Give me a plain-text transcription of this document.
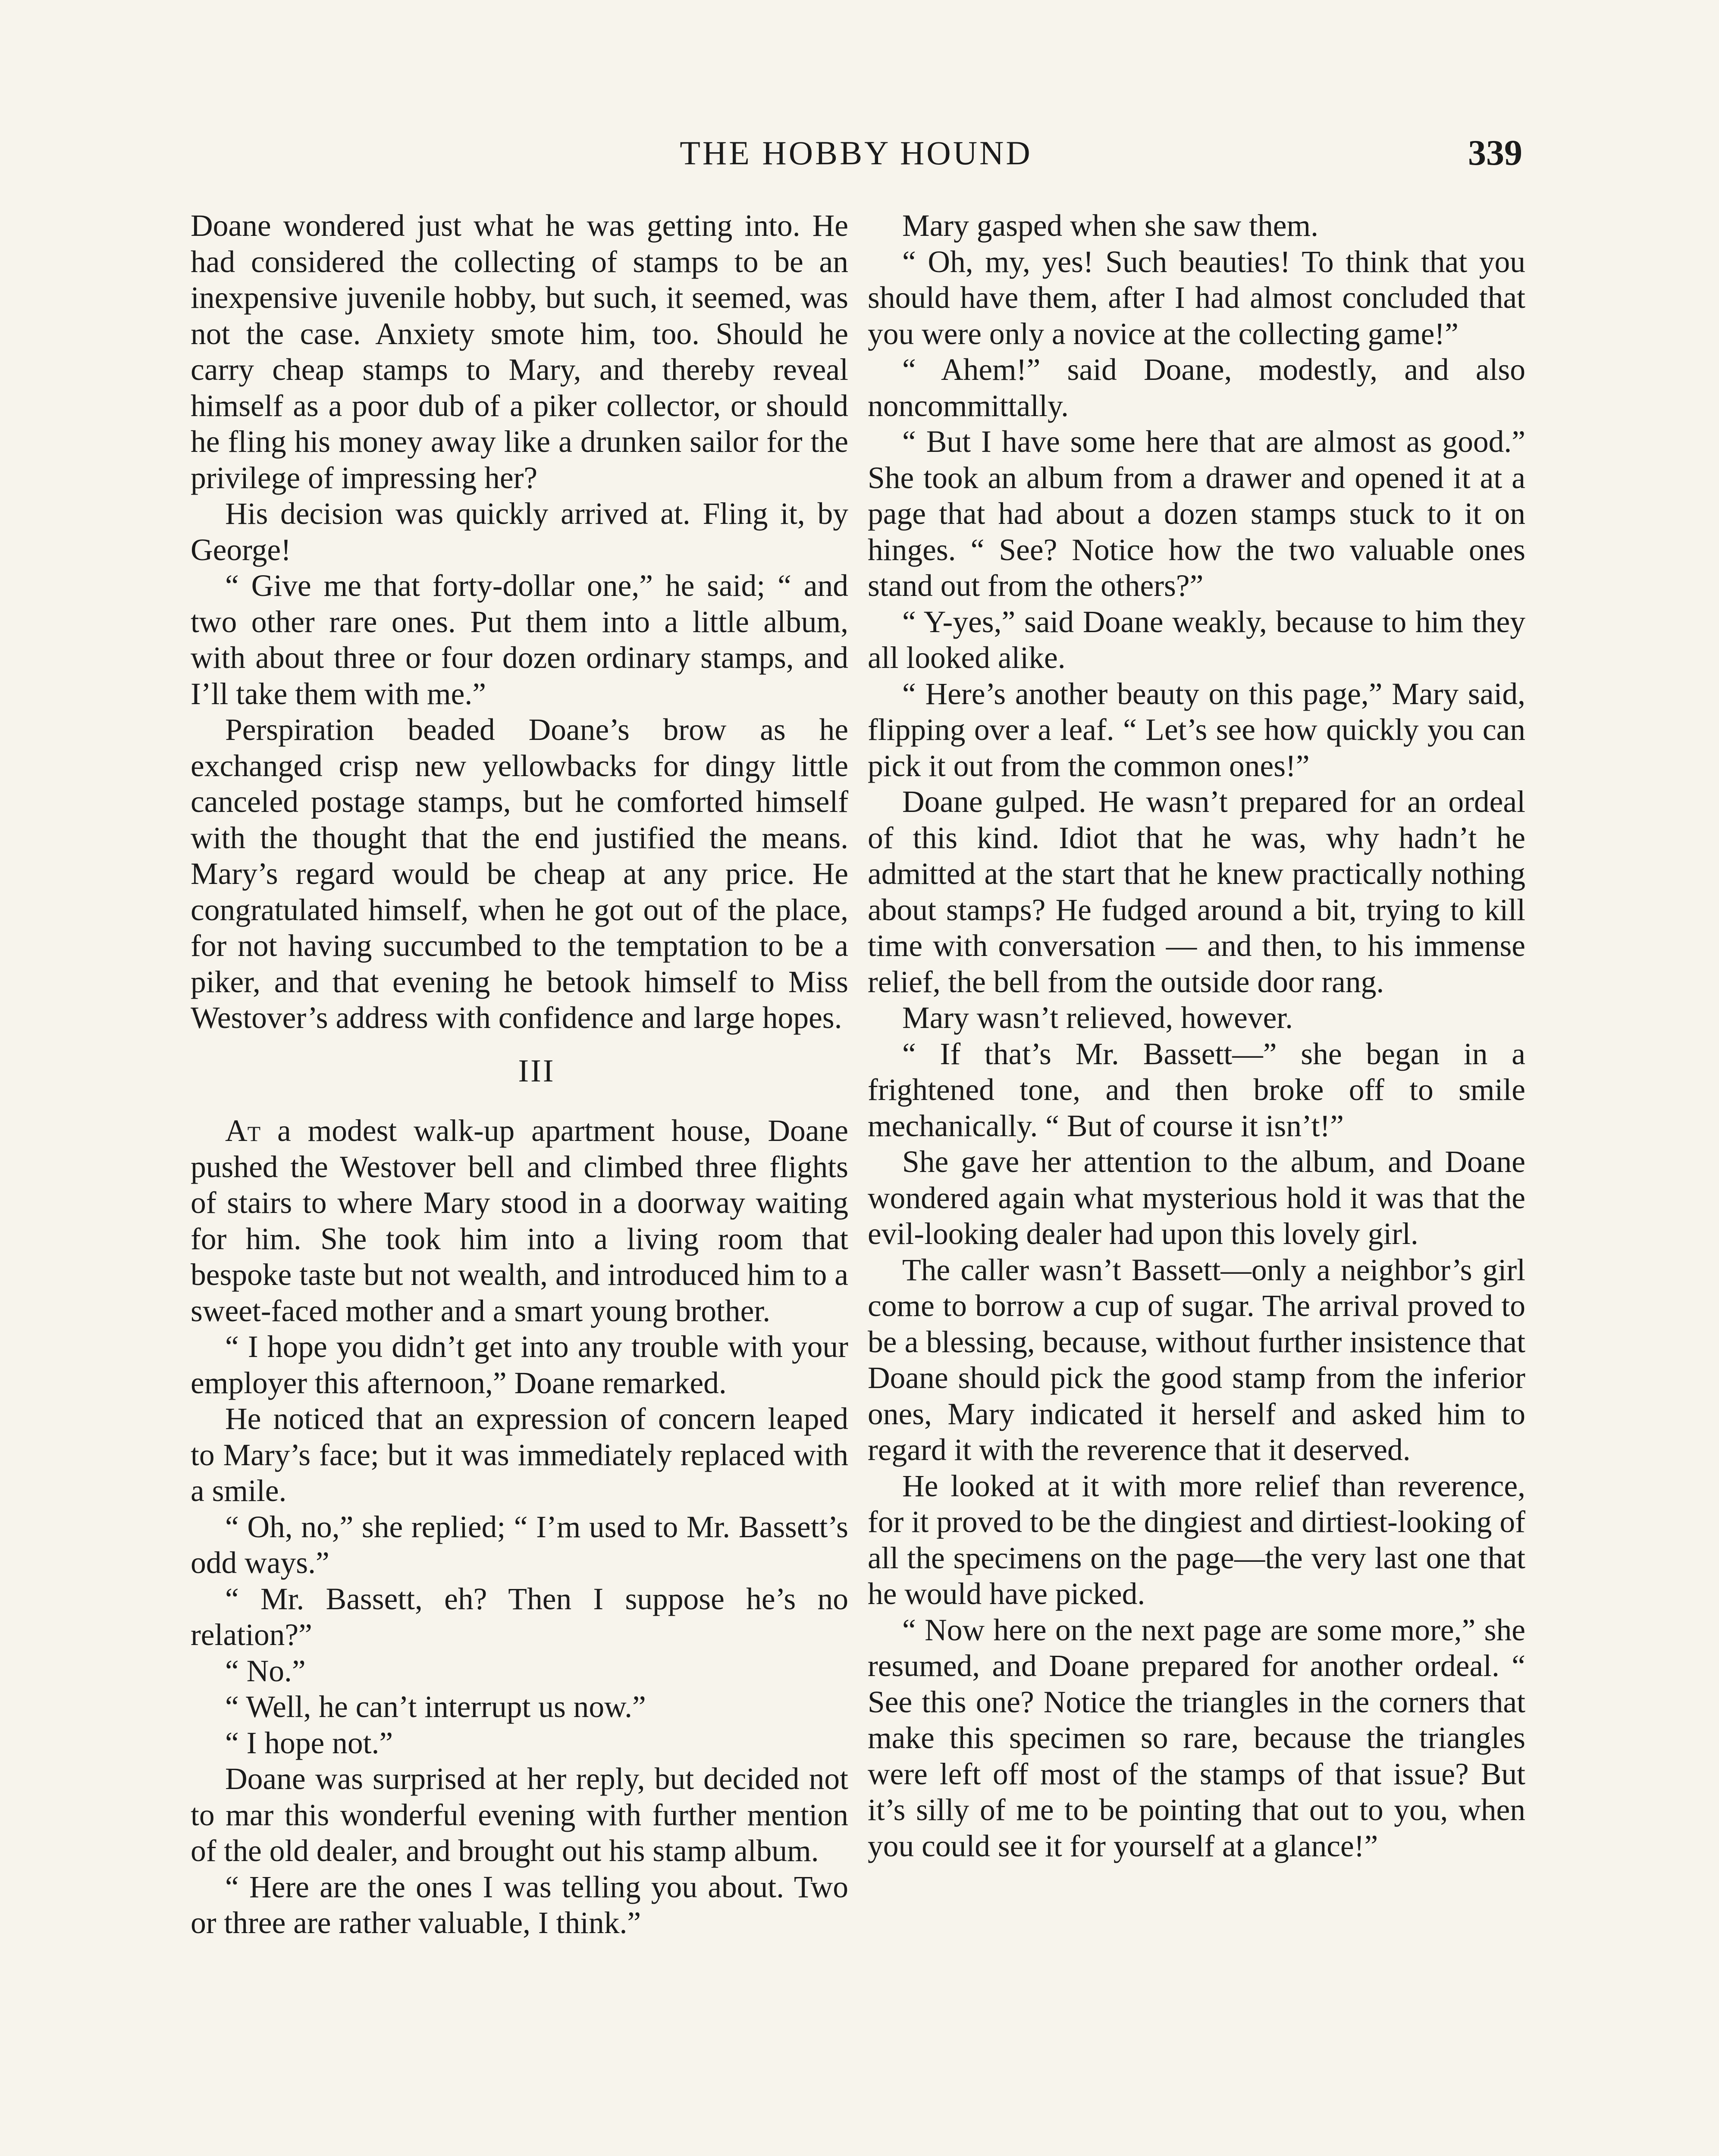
THE HOBBY HOUND	339

Doane wondered just what he was getting into. He had considered the collecting of stamps to be an inexpensive juvenile hobby, but such, it seemed, was not the case. Anxiety smote him, too. Should he carry cheap stamps to Mary, and thereby reveal himself as a poor dub of a piker collector, or should he fling his money away like a drunken sailor for the privilege of impressing her?

His decision was quickly arrived at. Fling it, by George!

“ Give me that forty-dollar one,” he said; “ and two other rare ones. Put them into a little album, with about three or four dozen ordinary stamps, and I’ll take them with me.”

Perspiration beaded Doane’s brow as he exchanged crisp new yellowbacks for dingy little canceled postage stamps, but he comforted himself with the thought that the end justified the means. Mary’s regard would be cheap at any price. He congratulated himself, when he got out of the place, for not having succumbed to the temptation to be a piker, and that evening he betook himself to Miss Westover’s address with confidence and large hopes.

III

At a modest walk-up apartment house, Doane pushed the Westover bell and climbed three flights of stairs to where Mary stood in a doorway waiting for him. She took him into a living room that bespoke taste but not wealth, and introduced him to a sweet-faced mother and a smart young brother.

“ I hope you didn’t get into any trouble with your employer this afternoon,” Doane remarked.

He noticed that an expression of concern leaped to Mary’s face; but it was immediately replaced with a smile.

“ Oh, no,” she replied; “ I’m used to Mr. Bassett’s odd ways.”

“ Mr. Bassett, eh? Then I suppose he’s no relation?”

“ No.”

“ Well, he can’t interrupt us now.”

“ I hope not.”

Doane was surprised at her reply, but decided not to mar this wonderful evening with further mention of the old dealer, and brought out his stamp album.

“ Here are the ones I was telling you about. Two or three are rather valuable, I think.”

Mary gasped when she saw them.

“ Oh, my, yes! Such beauties! To think that you should have them, after I had almost concluded that you were only a novice at the collecting game!”

“ Ahem!” said Doane, modestly, and also noncommittally.

“ But I have some here that are almost as good.” She took an album from a drawer and opened it at a page that had about a dozen stamps stuck to it on hinges. “ See? Notice how the two valuable ones stand out from the others?”

“ Y-yes,” said Doane weakly, because to him they all looked alike.

“ Here’s another beauty on this page,” Mary said, flipping over a leaf. “ Let’s see how quickly you can pick it out from the common ones!”

Doane gulped. He wasn’t prepared for an ordeal of this kind. Idiot that he was, why hadn’t he admitted at the start that he knew practically nothing about stamps? He fudged around a bit, trying to kill time with conversation — and then, to his immense relief, the bell from the outside door rang.

Mary wasn’t relieved, however.

“ If that’s Mr. Bassett—” she began in a frightened tone, and then broke off to smile mechanically. “ But of course it isn’t!”

She gave her attention to the album, and Doane wondered again what mysterious hold it was that the evil-looking dealer had upon this lovely girl.

The caller wasn’t Bassett—only a neighbor’s girl come to borrow a cup of sugar. The arrival proved to be a blessing, because, without further insistence that Doane should pick the good stamp from the inferior ones, Mary indicated it herself and asked him to regard it with the reverence that it deserved.

He looked at it with more relief than reverence, for it proved to be the dingiest and dirtiest-looking of all the specimens on the page—the very last one that he would have picked.

“ Now here on the next page are some more,” she resumed, and Doane prepared for another ordeal. “ See this one? Notice the triangles in the corners that make this specimen so rare, because the triangles were left off most of the stamps of that issue? But it’s silly of me to be pointing that out to you, when you could see it for yourself at a glance!”
